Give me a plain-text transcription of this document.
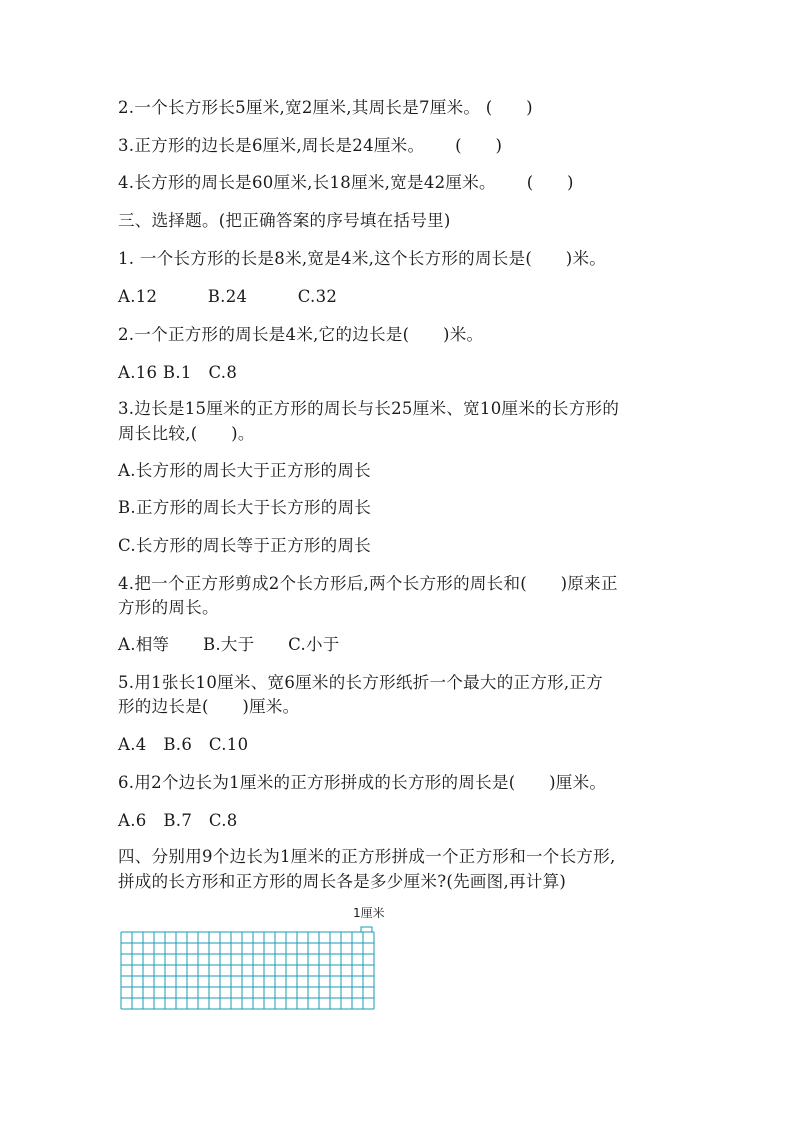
2.一个长方形长5厘米,宽2厘米,其周长是7厘米。 (　　)
3.正方形的边长是6厘米,周长是24厘米。　　 (　　)
4.长方形的周长是60厘米,长18厘米,宽是42厘米。　　 (　　)
三、选择题。(把正确答案的序号填在括号里)
1. 一个长方形的长是8米,宽是4米,这个长方形的周长是(　　)米。
A.12　　　B.24　　　C.32
2.一个正方形的周长是4米,它的边长是(　　)米。
A.16 B.1　C.8
3.边长是15厘米的正方形的周长与长25厘米、宽10厘米的长方形的
周长比较,(　　)。
A.长方形的周长大于正方形的周长
B.正方形的周长大于长方形的周长
C.长方形的周长等于正方形的周长
4.把一个正方形剪成2个长方形后,两个长方形的周长和(　　)原来正
方形的周长。
A.相等　　B.大于　　C.小于
5.用1张长10厘米、宽6厘米的长方形纸折一个最大的正方形,正方
形的边长是(　　)厘米。
A.4　B.6　C.10
6.用2个边长为1厘米的正方形拼成的长方形的周长是(　　)厘米。
A.6　B.7　C.8
四、分别用9个边长为1厘米的正方形拼成一个正方形和一个长方形,
拼成的长方形和正方形的周长各是多少厘米?(先画图,再计算)
1厘米
